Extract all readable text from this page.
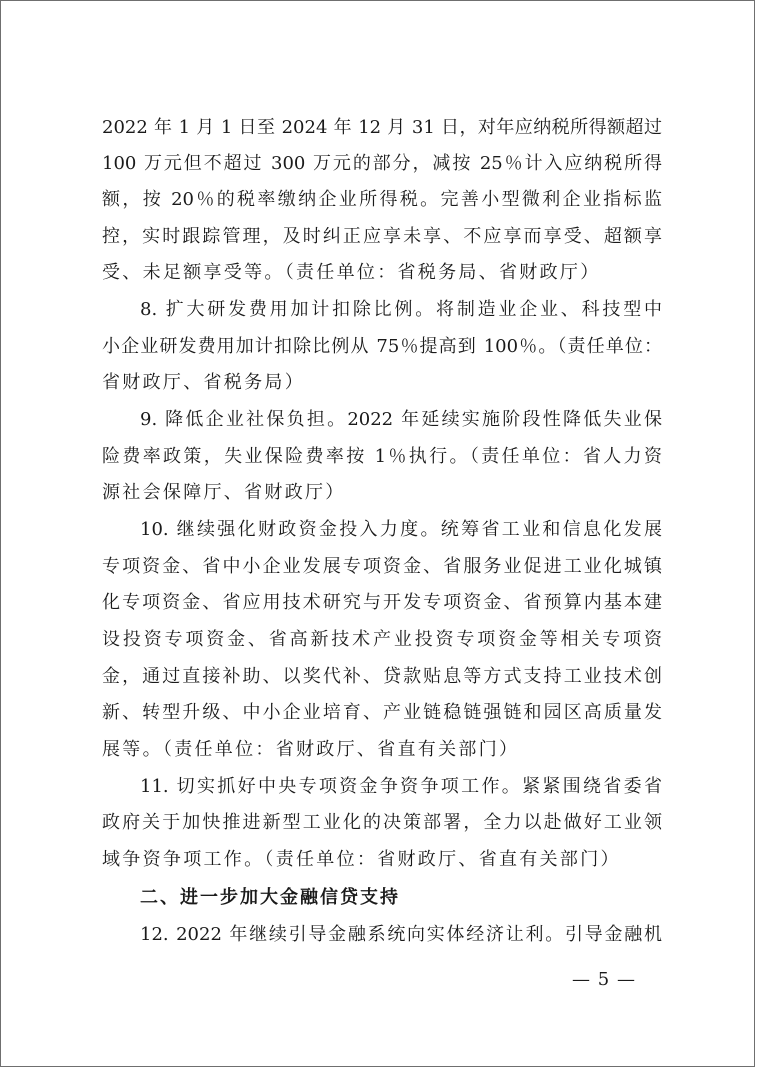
2022 年 1 月 1 日至 2024 年 12 月 31 日，对年应纳税所得额超过
100 万元但不超过 300 万元的部分，减按 25％计入应纳税所得
额，按 20％的税率缴纳企业所得税。完善小型微利企业指标监
控，实时跟踪管理，及时纠正应享未享、不应享而享受、超额享
受、未足额享受等。（责任单位：省税务局、省财政厅）
8. 扩大研发费用加计扣除比例。将制造业企业、科技型中
小企业研发费用加计扣除比例从 75％提高到 100％。（责任单位：
省财政厅、省税务局）
9. 降低企业社保负担。2022 年延续实施阶段性降低失业保
险费率政策，失业保险费率按 1％执行。（责任单位：省人力资
源社会保障厅、省财政厅）
10. 继续强化财政资金投入力度。统筹省工业和信息化发展
专项资金、省中小企业发展专项资金、省服务业促进工业化城镇
化专项资金、省应用技术研究与开发专项资金、省预算内基本建
设投资专项资金、省高新技术产业投资专项资金等相关专项资
金，通过直接补助、以奖代补、贷款贴息等方式支持工业技术创
新、转型升级、中小企业培育、产业链稳链强链和园区高质量发
展等。（责任单位：省财政厅、省直有关部门）
11. 切实抓好中央专项资金争资争项工作。紧紧围绕省委省
政府关于加快推进新型工业化的决策部署，全力以赴做好工业领
域争资争项工作。（责任单位：省财政厅、省直有关部门）
二、进一步加大金融信贷支持
12. 2022 年继续引导金融系统向实体经济让利。引导金融机
— 5 —
